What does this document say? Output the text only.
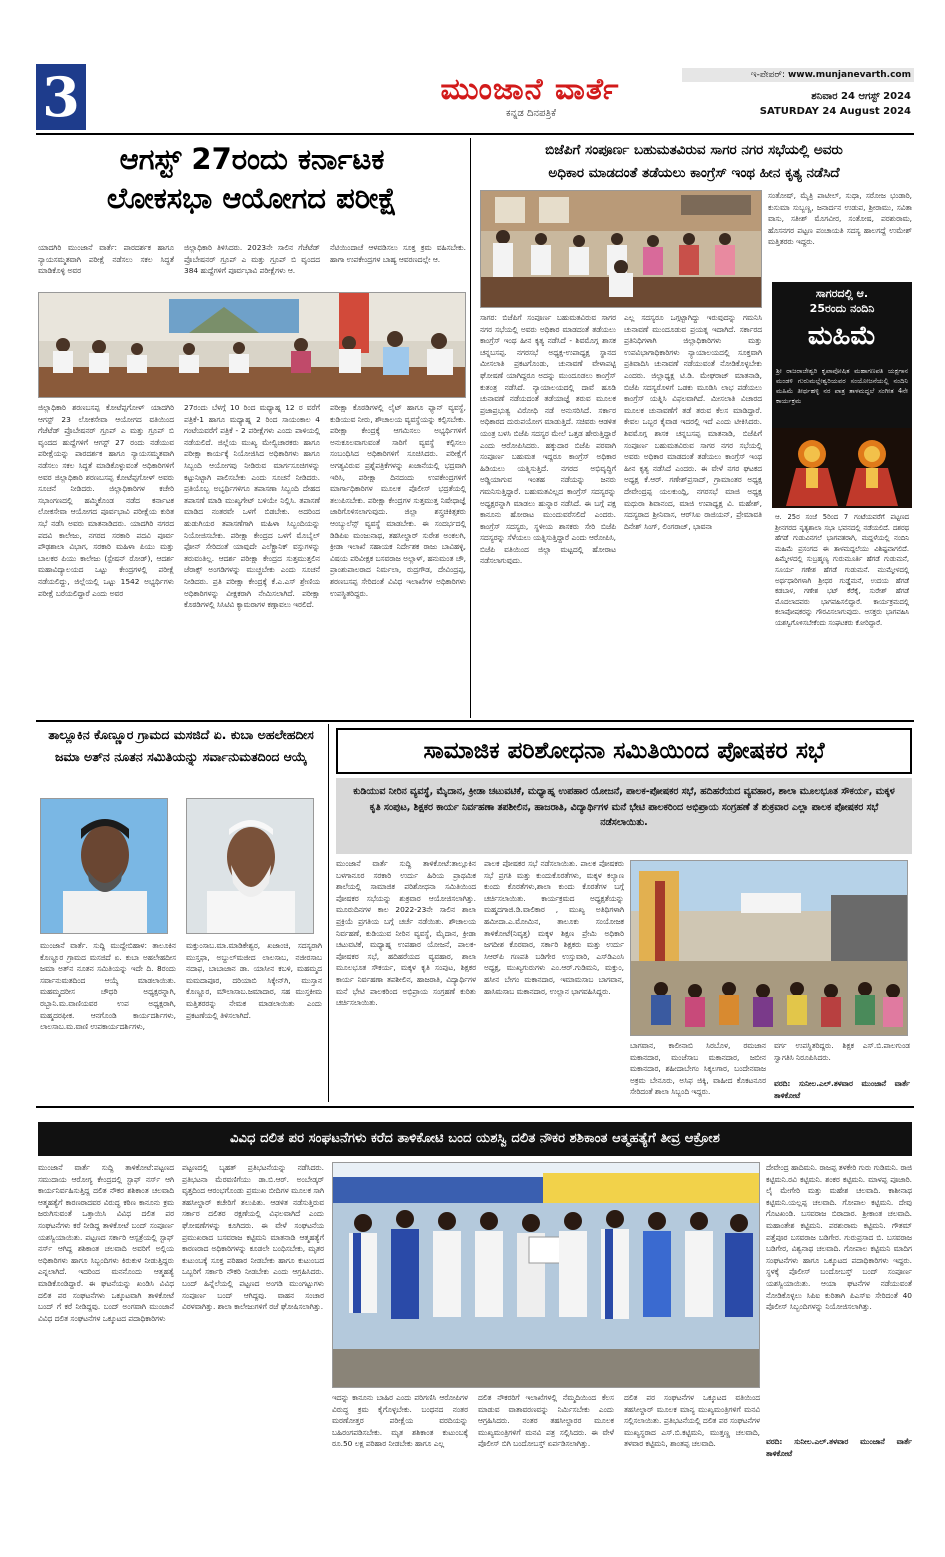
3	ಮುಂಜಾನೆ ವಾರ್ತೆ
ಕನ್ನಡ ದಿನಪತ್ರಿಕೆ
ಇ-ಪೇಪರ್: www.munjanevarth.com
ಶನಿವಾರ 24 ಆಗಸ್ಟ್ 2024
SATURDAY 24 August 2024
ಆಗಸ್ಟ್ 27ರಂದು ಕರ್ನಾಟಕ
ಲೋಕಸಭಾ ಆಯೋಗದ ಪರೀಕ್ಷೆ
ಯಾದಗಿರಿ ಮುಂಜಾನೆ ವಾರ್ತೆ: ಪಾರದರ್ಶಕ ಹಾಗೂ ನ್ಯಾಯಸಮ್ಮತವಾಗಿ ಪರೀಕ್ಷೆ ನಡೆಸಲು ಸಕಲ ಸಿದ್ಧತೆ ಮಾಡಿಕೊಳ್ಳಿ ಅವರ
ಜಿಲ್ಲಾಧಿಕಾರಿ ತಿಳಿಸಿದರು. 2023ನೇ ಸಾಲಿನ ಗೆಜೆಟೆಡ್ ಪ್ರೊಬೇಷನರ್ ಗ್ರೂಪ್ ಎ ಮತ್ತು ಗ್ರೂಪ್ ಬಿ ವೃಂದದ 384 ಹುದ್ದೆಗಳಿಗೆ ಪೂರ್ವಭಾವಿ ಪರೀಕ್ಷೆಗಳು ಆ.
ನೆಟಿಯಿಂದಾಚೆ ಆಳವಡಿಸಲು ಸೂಕ್ತ ಕ್ರಮ ವಹಿಸಬೇಕು. ಹಾಗಾ ಉಪಕೇಂದ್ರಗಳ ಬಾಹ್ಯ ಆವರಣದಲ್ಲೇ ಆ.
ಜಿಲ್ಲಾಧಿಕಾರಿ ಶರಣಬಸಪ್ಪ ಕೋಟೆಪ್ಪಗೋಳ್ ಯಾದಗಿರಿ ಆಗಸ್ಟ್ 23 ಲೋಕಸೇವಾ ಆಯೋಗದ ವತಿಯಿಂದ ಗೆಜೆಟೆಡ್ ಪ್ರೊಬೇಷನರ್ ಗ್ರೂಪ್ ಎ ಮತ್ತು ಗ್ರೂಪ್ ಬಿ ವೃಂದದ ಹುದ್ದೆಗಳಿಗೆ ಆಗಸ್ಟ್ 27 ರಂದು ನಡೆಯುವ ಪರೀಕ್ಷೆಯನ್ನು ಪಾರದರ್ಶಕ ಹಾಗೂ ನ್ಯಾಯಸಮ್ಮತವಾಗಿ ನಡೆಸಲು ಸಕಲ ಸಿದ್ಧತೆ ಮಾಡಿಕೊಳ್ಳುವಂತೆ ಅಧಿಕಾರಿಗಳಿಗೆ ಅವರ ಜಿಲ್ಲಾಧಿಕಾರಿ ಶರಣಬಸಪ್ಪ ಕೋಟೆಪ್ಪಗೋಳ್ ಅವರು ಸೂಚನೆ ನೀಡಿದರು. ಜಿಲ್ಲಾಧಿಕಾರಿಗಳ ಕಚೇರಿ ಸಭಾಂಗಣದಲ್ಲಿ ಹಮ್ಮಿಕೊಂಡ ನಡೆದ ಕರ್ನಾಟಕ ಲೋಕಸೇವಾ ಆಯೋಗದ ಪೂರ್ವಭಾವಿ ಪರೀಕ್ಷೆಯ ಕುರಿತ ಸಭೆ ನಡೆಸಿ ಅವರು ಮಾತನಾಡಿದರು. ಯಾದಗಿರಿ ನಗರದ ಪದವಿ ಕಾಲೇಜು, ನಗರದ ಸರಕಾರಿ ಪದವಿ ಪೂರ್ವ ಪೌಢಶಾಲಾ ವಿಭಾಗ, ಸರಕಾರಿ ಮಹಿಳಾ ಪಿಯು ಮತ್ತು ಬಾಲಕರ ಪಿಯು ಕಾಲೇಜು (ಸ್ಟೇಷನ್ ರೋಡ್), ಆದರ್ಶ ಮಹಾವಿದ್ಯಾಲಯದ ಒಟ್ಟು ಕೇಂದ್ರಗಳಲ್ಲಿ ಪರೀಕ್ಷೆ ನಡೆಯಲಿದ್ದು, ಜಿಲ್ಲೆಯಲ್ಲಿ ಒಟ್ಟು 1542 ಅಭ್ಯರ್ಥಿಗಳು ಪರೀಕ್ಷೆ ಬರೆಯಲಿದ್ದಾರೆ ಎಂದು ಅವರ
27ರಂದು ಬೆಳಗ್ಗೆ 10 ರಿಂದ ಮಧ್ಯಾಹ್ನ 12 ರ ವರೆಗೆ ಪತ್ರಿಕೆ-1 ಹಾಗೂ ಮಧ್ಯಾಹ್ನ 2 ರಿಂದ ಸಾಯಂಕಾಲ 4 ಗಂಟೆಯವರೆಗೆ ಪತ್ರಿಕೆ - 2 ಪರೀಕ್ಷೆಗಳು ಎಂದು ಪಾಳಿಯಲ್ಲಿ ನಡೆಯಲಿದೆ. ಜಿಲ್ಲೆಯ ಮುಖ್ಯ ಮೇಲ್ವಿಚಾರಕರು ಹಾಗೂ ಪರೀಕ್ಷಾ ಕಾರ್ಯಕ್ಕೆ ನಿಯೋಜಿಸಿದ ಅಧಿಕಾರಿಗಳು ಹಾಗೂ ಸಿಬ್ಬಂದಿ ಆಯೋಗವು ನೀಡಿರುವ ಮಾರ್ಗಸೂಚಿಗಳನ್ನು ಕಟ್ಟುನಿಟ್ಟಾಗಿ ಪಾಲಿಸಬೇಕು ಎಂದು ಸೂಚನೆ ನೀಡಿದರು. ಪ್ರತಿಯೊಬ್ಬ ಅಭ್ಯರ್ಥಿಗಳಿಗೂ ತಪಾಸಣಾ ಸಿಬ್ಬಂದಿ ದೇಹದ ತಪಾಸಣೆ ಮಾಡಿ ಮುಖ್ಯಗೇಟ್ ಬಳಿಯೇ ನಿಲ್ಲಿಸಿ. ತಪಾಸಣೆ ಮಾಡಿದ ನಂತರವೇ ಒಳಗೆ ಬಿಡಬೇಕು. ಅದರಿಂದ ಹುಡುಗಿಯರ ತಪಾಸಣೆಗಾಗಿ ಮಹಿಳಾ ಸಿಬ್ಬಂದಿಯನ್ನು ನಿಯೋಜಿಸಬೇಕು. ಪರೀಕ್ಷಾ ಕೇಂದ್ರದ ಒಳಗೆ ಮೊಬೈಲ್ ಫೋನ್ ಸೇರಿದಂತೆ ಯಾವುದೇ ಎಲೆಕ್ಟ್ರಾನಿಕ್ ವಸ್ತುಗಳನ್ನು ತರುವಂತಿಲ್ಲ. ಆದರ್ಶ ಪರೀಕ್ಷಾ ಕೇಂದ್ರದ ಸುತ್ತಮುತ್ತಲಿನ ಜೆರಾಕ್ಸ್ ಅಂಗಡಿಗಳನ್ನು ಮುಚ್ಚಬೇಕು ಎಂದು ಸೂಚನೆ ನೀಡಿದರು. ಪ್ರತಿ ಪರೀಕ್ಷಾ ಕೇಂದ್ರಕ್ಕೆ ಕೆ.ಎ.ಎಸ್ ಶ್ರೇಣಿಯ ಅಧಿಕಾರಿಗಳನ್ನು ವೀಕ್ಷಕರಾಗಿ ನೇಮಿಸಲಾಗಿದೆ. ಪರೀಕ್ಷಾ ಕೊಠಡಿಗಳಲ್ಲಿ ಸಿಸಿಟಿವಿ ಕ್ಯಾಮರಾಗಳ ಕಣ್ಗಾವಲು ಇರಲಿದೆ.
ಪರೀಕ್ಷಾ ಕೊಠಡಿಗಳಲ್ಲಿ ಲೈಟ್ ಹಾಗೂ ಫ್ಯಾನ್ ವ್ಯವಸ್ಥೆ, ಕುಡಿಯುವ ನೀರು, ಶೌಚಾಲಯ ವ್ಯವಸ್ಥೆಯನ್ನು ಕಲ್ಪಿಸಬೇಕು. ಪರೀಕ್ಷಾ ಕೇಂದ್ರಕ್ಕೆ ಆಗಮಿಸಲು ಅಭ್ಯರ್ಥಿಗಳಿಗೆ ಅನುಕೂಲವಾಗುವಂತೆ ಸಾರಿಗೆ ವ್ಯವಸ್ಥೆ ಕಲ್ಪಿಸಲು ಸಂಬಂಧಿಸಿದ ಅಧಿಕಾರಿಗಳಿಗೆ ಸೂಚಿಸಿದರು. ಪರೀಕ್ಷೆಗೆ ಅಗತ್ಯವಿರುವ ಪ್ರಶ್ನೆಪತ್ರಿಕೆಗಳನ್ನು ಖಜಾನೆಯಲ್ಲಿ ಭದ್ರವಾಗಿ ಇರಿಸಿ, ಪರೀಕ್ಷಾ ದಿನದಂದು ಉಪಕೇಂದ್ರಗಳಿಗೆ ಮಾರ್ಗಾಧಿಕಾರಿಗಳ ಮೂಲಕ ಪೊಲೀಸ್ ಭದ್ರತೆಯಲ್ಲಿ ತಲುಪಿಸಬೇಕು. ಪರೀಕ್ಷಾ ಕೇಂದ್ರಗಳ ಸುತ್ತಮುತ್ತ ನಿಷೇಧಾಜ್ಞೆ ಜಾರಿಗೊಳಿಸಲಾಗುವುದು. ಜಿಲ್ಲಾ ಶಸ್ತ್ರಚಿಕಿತ್ಸಕರು ಆಂಬ್ಯುಲೆನ್ಸ್ ವ್ಯವಸ್ಥೆ ಮಾಡಬೇಕು. ಈ ಸಂದರ್ಭದಲ್ಲಿ ಡಿಡಿಪಿಐ ಮಂಜುನಾಥ, ತಹಸೀಲ್ದಾರ್ ಸುರೇಶ ಅಂಕಲಗಿ, ಕ್ರೀಡಾ ಇಲಾಖೆ ಸಹಾಯಕ ನಿರ್ದೇಶಕ ರಾಜು ಬಾವಿಹಳ್ಳಿ, ವಿಷಯ ಪರಿವೀಕ್ಷಕ ಬಸವರಾಜ ಅಲ್ಲಾಳ್, ಹನುಮಂತ ಚೌ, ಪ್ರಾಂಶುಪಾಲರಾದ ನಿರ್ಮಲಾ, ರುದ್ರಗೌಡ, ದೇವಿಂದ್ರಪ್ಪ, ಶರಣಬಸಪ್ಪ ಸೇರಿದಂತೆ ವಿವಿಧ ಇಲಾಖೆಗಳ ಅಧಿಕಾರಿಗಳು ಉಪಸ್ಥಿತರಿದ್ದರು.
ಬಿಜೆಪಿಗೆ ಸಂಪೂರ್ಣ ಬಹುಮತವಿರುವ ಸಾಗರ ನಗರ ಸಭೆಯಲ್ಲಿ ಅವರು
ಅಧಿಕಾರ ಮಾಡದಂತೆ ತಡೆಯಲು ಕಾಂಗ್ರೆಸ್ ಇಂಥ ಹೀನ ಕೃತ್ಯ ನಡೆಸಿದೆ
ಸಂತೋಷ್, ಮೈತ್ರಿ ಪಾಟೀಲ್, ಸುಧಾ, ಸರೋಜ ಭಂಡಾರಿ, ಕುಸುಮಾ ಸುಬ್ಬಣ್ಣ, ಜನಾರ್ದನ ಉಡುಪ, ಶ್ರೀರಾಮು, ಸವಿತಾ ವಾಸು, ಸತೀಶ್ ಮೊಗವೀರ, ಸಂತೋಷ, ಪರಶುರಾಮ, ಹೊಸನಗರ ಪಟ್ಟಣ ಪಂಚಾಯತಿ ಸದಸ್ಯ ಹಾಲಗದ್ದೆ ಉಮೇಶ್ ಮತ್ತಿತರರು ಇದ್ದರು.
ಸಾಗರ: ಬಿಜೆಪಿಗೆ ಸಂಪೂರ್ಣ ಬಹುಮತವಿರುವ ಸಾಗರ ನಗರ ಸಭೆಯಲ್ಲಿ ಅವರು ಅಧಿಕಾರ ಮಾಡದಂತೆ ತಡೆಯಲು ಕಾಂಗ್ರೆಸ್ ಇಂಥ ಹೀನ ಕೃತ್ಯ ನಡೆಸಿದೆ - ಶಿವಮೊಗ್ಗ ಶಾಸಕ ಚನ್ನಬಸಪ್ಪ. ನಗರಸಭೆ ಅಧ್ಯಕ್ಷ-ಉಪಾಧ್ಯಕ್ಷ ಸ್ಥಾನದ ಮೀಸಲಾತಿ ಪ್ರಕಟಗೊಂಡು, ಚುನಾವಣೆ ವೇಳಾಪಟ್ಟಿ ಘೋಷಣೆ ಯಾಗಿದ್ದರೂ ಅದನ್ನು ಮುಂದೂಡಲು ಕಾಂಗ್ರೆಸ್ ಕುತಂತ್ರ ನಡೆಸಿದೆ. ನ್ಯಾಯಾಲಯದಲ್ಲಿ ದಾವೆ ಹೂಡಿ ಚುನಾವಣೆ ನಡೆಯದಂತೆ ತಡೆಯಾಜ್ಞೆ ತರುವ ಮೂಲಕ ಪ್ರಜಾಪ್ರಭುತ್ವ ವಿರೋಧಿ ನಡೆ ಅನುಸರಿಸಿದೆ. ಸರ್ಕಾರ ಅಧಿಕಾರದ ದುರುಪಯೋಗ ಮಾಡುತ್ತಿದೆ. ಸಚಿವರು ಆಡಳಿತ ಯಂತ್ರ ಬಳಸಿ ಬಿಜೆಪಿ ಸದಸ್ಯರ ಮೇಲೆ ಒತ್ತಡ ಹೇರುತ್ತಿದ್ದಾರೆ ಎಂದು ಆರೋಪಿಸಿದರು. ಹಕ್ಕುದಾರ ಬಿಜೆಪಿ ಪರವಾಗಿ ಸಂಪೂರ್ಣ ಬಹುಮತ ಇದ್ದರೂ ಕಾಂಗ್ರೆಸ್ ಅಧಿಕಾರ ಹಿಡಿಯಲು ಯತ್ನಿಸುತ್ತಿದೆ. ನಗರದ ಅಭಿವೃದ್ಧಿಗೆ ಅಡ್ಡಿಯಾಗುವ ಇಂತಹ ನಡೆಯನ್ನು ಜನರು ಗಮನಿಸುತ್ತಿದ್ದಾರೆ. ಬಹುಮತವಿಲ್ಲದ ಕಾಂಗ್ರೆಸ್ ಸದಸ್ಯರನ್ನು ಅಧ್ಯಕ್ಷರನ್ನಾಗಿ ಮಾಡಲು ಹುನ್ನಾರ ನಡೆಸಿದೆ. ಈ ಬಗ್ಗೆ ಪಕ್ಷ ಕಾನೂನು ಹೋರಾಟ ಮುಂದುವರೆಸಲಿದೆ ಎಂದರು. ಕಾಂಗ್ರೆಸ್ ಸದಸ್ಯರು, ಸ್ಥಳೀಯ ಶಾಸಕರು ಸೇರಿ ಬಿಜೆಪಿ ಸದಸ್ಯರನ್ನು ಸೆಳೆಯಲು ಯತ್ನಿಸುತ್ತಿದ್ದಾರೆ ಎಂದು ಆರೋಪಿಸಿ, ಬಿಜೆಪಿ ವತಿಯಿಂದ ಜಿಲ್ಲಾ ಮಟ್ಟದಲ್ಲಿ ಹೋರಾಟ ನಡೆಸಲಾಗುವುದು.
ಎಲ್ಲ ಸದಸ್ಯರೂ ಒಗ್ಗಟ್ಟಾಗಿದ್ದು ಇರುವುದನ್ನು ಗಮನಿಸಿ ಚುನಾವಣೆ ಮುಂದೂಡುವ ಪ್ರಯತ್ನ ಇದಾಗಿದೆ. ಸರ್ಕಾರದ ಪ್ರತಿನಿಧಿಗಳಾಗಿ ಜಿಲ್ಲಾಧಿಕಾರಿಗಳು ಮತ್ತು ಉಪವಿಭಾಗಾಧಿಕಾರಿಗಳು ನ್ಯಾಯಾಲಯದಲ್ಲಿ ಸೂಕ್ತವಾಗಿ ಪ್ರತಿವಾದಿಸಿ ಚುನಾವಣೆ ನಡೆಯುವಂತೆ ನೋಡಿಕೊಳ್ಳಬೇಕು ಎಂದರು. ಜಿಲ್ಲಾಧ್ಯಕ್ಷ ಟಿ.ಡಿ. ಮೇಘರಾಜ್ ಮಾತನಾಡಿ, ಬಿಜೆಪಿ ಸದಸ್ಯರೊಳಗೆ ಒಡಕು ಮೂಡಿಸಿ ಲಾಭ ಪಡೆಯಲು ಕಾಂಗ್ರೆಸ್ ಯತ್ನಿಸಿ ವಿಫಲವಾಗಿದೆ. ಮೀಸಲಾತಿ ವಿಚಾರದ ಮೂಲಕ ಚುನಾವಣೆಗೆ ತಡೆ ತರುವ ಕೆಲಸ ಮಾಡಿದ್ದಾರೆ. ಕೇವಲ ಒಬ್ಬರ ಕೈವಾಡ ಇದರಲ್ಲಿ ಇದೆ ಎಂದು ಟೀಕಿಸಿದರು. ಶಿವಮೊಗ್ಗ ಶಾಸಕ ಚನ್ನಬಸಪ್ಪ ಮಾತನಾಡಿ, ಬಿಜೆಪಿಗೆ ಸಂಪೂರ್ಣ ಬಹುಮತವಿರುವ ಸಾಗರ ನಗರ ಸಭೆಯಲ್ಲಿ ಅವರು ಅಧಿಕಾರ ಮಾಡದಂತೆ ತಡೆಯಲು ಕಾಂಗ್ರೆಸ್ ಇಂಥ ಹೀನ ಕೃತ್ಯ ನಡೆಸಿದೆ ಎಂದರು. ಈ ವೇಳೆ ನಗರ ಘಟಕದ ಅಧ್ಯಕ್ಷ ಕೆ.ಆರ್. ಗಣೇಶ್‌ಪ್ರಸಾದ್, ಗ್ರಾಮಾಂತರ ಅಧ್ಯಕ್ಷ ದೇವೇಂದ್ರಪ್ಪ ಯಲಕುಂದ್ಲಿ, ನಗರಸಭೆ ಮಾಜಿ ಅಧ್ಯಕ್ಷ ಮಧುರಾ ಶಿವಾನಂದ, ಮಾಜಿ ಉಪಾಧ್ಯಕ್ಷ ವಿ. ಮಹೇಶ್, ಸದಸ್ಯರಾದ ಶ್ರೀನಿವಾಸ, ಆರ್‌ಸಿಐ ರಾಜಿಯನ್, ಪ್ರೇಮಾವತಿ ದಿನೇಶ್ ಸಿಂಗ್, ಲಿಂಗರಾಜ್, ಭಾವನಾ
ಸಾಗರದಲ್ಲಿ ಆ.
25ರಂದು ನಂದಿನಿ
ಮಹಿಮೆ
ಶ್ರೀ ರಾಜರಾಜೇಶ್ವರಿ ಕೃಪಾಪೋಷಿತ ಮಹಾಗಣಪತಿ ಯಕ್ಷಗಾನ ಮಂಡಳಿ ಗುರುಮಲ್ಲೇಶ್ವರಿಯವರ ಸಂಯೋಜನೆಯಲ್ಲಿ ನಂದಿನಿ ಮಹಿಮೆ ತೀರ್ಥಹಳ್ಳಿ ನರ ಪಾತ್ರ ತಾಳಮದ್ದಲೆ ಸಂಗೀತ 4ನೇ ಕಾರ್ಯಕ್ರಮ
ಆ. 25ರ ಸಂಜೆ 5ರಿಂದ 7 ಗಂಟೆಯವರೆಗೆ ಪಟ್ಟಣದ ಶ್ರೀನಗರದ ನೃತ್ಯಶಾಲಾ ಸಭಾ ಭವನದಲ್ಲಿ ನಡೆಯಲಿದೆ. ದಶರಥ ಹೆಗಡೆ ಗುಡುವಿನಗಲೆ ಭಾಗವತರಾಗಿ, ಮದ್ದಳೆಯಲ್ಲಿ ನಂದಿನಿ ಮಹಿಮೆ ಪ್ರಸಂಗದ ಈ ತಾಳಮದ್ದಲೆಯು ವಿಶಿಷ್ಟವಾಗಲಿದೆ. ಹಿಮ್ಮೇಳದಲ್ಲಿ ಸುಬ್ರಹ್ಮಣ್ಯ ಗುರುಮೂರ್ತಿ ಹೆಗಡೆ ಗುಡುಮನೆ, ಸೂರ್ಯ ಗಣೇಶ ಹೆಗಡೆ ಗುಡುಮನೆ. ಮುಮ್ಮೇಳದಲ್ಲಿ ಅರ್ಥಧಾರಿಗಳಾಗಿ ಶ್ರೀಧರ ಗುಡ್ಡೆಮನೆ, ಉದಯ ಹೆಗಡೆ ಕಡಬಾಳ, ಗಣೇಶ ಭಟ್ ಕೆರೆಕೈ, ಸುರೇಶ್ ಹೆಗಡೆ ಮೊದಲಾದವರು ಭಾಗವಹಿಸಲಿದ್ದಾರೆ. ಕಾರ್ಯಕ್ರಮದಲ್ಲಿ ಕಲಾಪೋಷಕರನ್ನು ಗೌರವಿಸಲಾಗುವುದು. ಆಸಕ್ತರು ಭಾಗವಹಿಸಿ ಯಶಸ್ವಿಗೊಳಿಸಬೇಕೆಂದು ಸಂಘಟಕರು ಕೋರಿದ್ದಾರೆ.
ತಾಲ್ಲೂಕಿನ ಕೊಣ್ಣೂರ ಗ್ರಾಮದ ಮಸಜಿದೆ ಏ. ಕುಬಾ ಅಹಲೇಹದೀಸ ಜಮಾ ಅತ್‌ನ ನೂತನ ಸಮಿತಿಯನ್ನು ಸರ್ವಾನುಮತದಿಂದ ಆಯ್ಕೆ
ಮುಂಜಾನೆ ವಾರ್ತೆ. ಸುದ್ದಿ ಮುದ್ದೇಬಿಹಾಳ: ತಾಲೂಕಿನ ಕೊಣ್ಣೂರ ಗ್ರಾಮದ ಮಸಜಿದೆ ಏ. ಕುಬಾ ಅಹಲೇಹದೀಸ ಜಮಾ ಅತ್‌ನ ನೂತನ ಸಮಿತಿಯನ್ನು ಇದೇ ದಿ. 8ರಂದು ಸರ್ವಾನುಮತದಿಂದ ಆಯ್ಕೆ ಮಾಡಲಾಯಿತು. ಮಹಮ್ಮದರೀಸ ಚೌಧರಿ ಅಧ್ಯಕ್ಷರನ್ನಾಗಿ, ರಬ್ಬಾನಿ.ಮ.ವಾಣಿಯವರ ಉಪ ಅಧ್ಯಕ್ಷರಾಗಿ, ಮಹ್ಮದರಫೀಕ. ಆನಗೊಂಡಿ ಕಾರ್ಯದರ್ಶಿಗಳು, ಲಾಲಸಾಬ.ಮ.ವಾಣಿ ಉಪಕಾರ್ಯದರ್ಶಿಗಳು,
ಮಕ್ತುಂಸಾಬ.ಮಾ.ಮಾಡಿಕೇಶ್ವರ, ಖಜಾಂಚಿ, ಸದಸ್ಯರಾಗಿ ಮುಸ್ತಫಾ, ಅಬ್ದುಲ್‌ಮಜೀದ ಲಾಲಸಾಬ, ನಜೀರಸಾಬ ನದಾಫ, ಬಾಬಾಜಾನ ಡಾ. ಯಾಸೀನ ಕಬಳಿ, ಮಹಮ್ಮದ ಮಮದಾಪೂರ, ದರಿಯಾಬಿ ಸಿಕ್ಕೇನ್‌ಗಿ, ಮುಸ್ತಾನ ಕೊಣ್ಣೂರ, ಮೌಲಾಸಾಬ.ಜಮಾದಾರ, ಸಹ ಮುಸ್ತಕೀಮ ಮತ್ತಿತರರನ್ನು ನೇಮಕ ಮಾಡಲಾಯಿತು ಎಂದು ಪ್ರಕಟಣೆಯಲ್ಲಿ ತಿಳಿಸಲಾಗಿದೆ.
ಸಾಮಾಜಿಕ ಪರಿಶೋಧನಾ ಸಮಿತಿಯಿಂದ ಪೋಷಕರ ಸಭೆ
ಕುಡಿಯುವ ನೀರಿನ ವ್ಯವಸ್ಥೆ, ಮೈದಾನ, ಕ್ರೀಡಾ ಚಟುವಟಿಕೆ, ಮಧ್ಯಾಹ್ನ ಉಪಹಾರ ಯೋಜನೆ, ಪಾಲಕ-ಪೋಷಕರ ಸಭೆ, ಹದಿಹರೆಯದ ವ್ಯವಹಾರ, ಶಾಲಾ ಮೂಲಭೂತ ಸೌಕರ್ಯ, ಮಕ್ಕಳ ಕೃತಿ ಸಂಪುಟ, ಶಿಕ್ಷಕರ ಕಾರ್ಯ ನಿರ್ವಹಣಾ ತಪಶೀಲಿನ, ಹಾಜರಾತಿ, ವಿದ್ಯಾರ್ಥಿಗಳ ಮನೆ ಭೇಟಿ ಪಾಲಕರಿಂದ ಅಭಿಪ್ರಾಯ ಸಂಗ್ರಹಣೆ ತೆ ಶುಕ್ರವಾರ ಎಲ್ಲಾ ಪಾಲಕ ಪೋಷಕರ ಸಭೆ ನಡೆಸಲಾಯಿತು.
ಮುಂಜಾನೆ ವಾರ್ತೆ ಸುದ್ದಿ ತಾಳಿಕೋಟೆ:ತಾಲ್ಲೂಕಿನ ಬಳಗಾನೂರ ಸರಕಾರಿ ಉರ್ದು ಹಿರಿಯ ಪ್ರಾಥಮಿಕ ಶಾಲೆಯಲ್ಲಿ ಸಾಮಾಜಿಕ ಪರಿಶೋಧನಾ ಸಮಿತಿಯಿಂದ ಪೋಷಕರ ಸಭೆಯನ್ನು ಶುಕ್ರವಾರ ಆಯೋಜಿಸಲಾಗಿತ್ತು. ಮೂರುದಿನಗಳ ಕಾಲ 2022-23ನೇ ಸಾಲಿನ ಶಾಲಾ ಪ್ರಕ್ರಿಯೆ ಪ್ರಗತಿಯ ಬಗ್ಗೆ ಚರ್ಚೆ ನಡೆಯಿತು. ಶೌಚಾಲಯ ನಿರ್ವಹಣೆ, ಕುಡಿಯುವ ನೀರಿನ ವ್ಯವಸ್ಥೆ, ಮೈದಾನ, ಕ್ರೀಡಾ ಚಟುವಟಿಕೆ, ಮಧ್ಯಾಹ್ನ ಉಪಹಾರ ಯೋಜನೆ, ಪಾಲಕ-ಪೋಷಕರ ಸಭೆ, ಹದಿಹರೆಯದ ವ್ಯವಹಾರ, ಶಾಲಾ ಮೂಲಭೂತ ಸೌಕರ್ಯ, ಮಕ್ಕಳ ಕೃತಿ ಸಂಪುಟ, ಶಿಕ್ಷಕರ ಕಾರ್ಯ ನಿರ್ವಹಣಾ ತಪಶೀಲಿನ, ಹಾಜರಾತಿ, ವಿದ್ಯಾರ್ಥಿಗಳ ಮನೆ ಭೇಟಿ ಪಾಲಕರಿಂದ ಅಭಿಪ್ರಾಯ ಸಂಗ್ರಹಣೆ ಕುರಿತು ಚರ್ಚಿಸಲಾಯಿತು.
ಪಾಲಕ ಪೋಷಕರ ಸಭೆ ನಡೆಸಲಾಯಿತು. ಪಾಲಕ ಪೋಷಕರು ಸಭೆ ಪ್ರಗತಿ ಮತ್ತು ಕುಂದುಕೊರತೆಗಳು, ಮಕ್ಕಳ ಕಲ್ಯಾಣ ಕುಂದು ಕೊರತೆಗಳು,ಶಾಲಾ ಕುಂದು ಕೊರತೆಗಳ ಬಗ್ಗೆ ಚರ್ಚಿಸಲಾಯಿತು. ಕಾರ್ಯಕ್ರಮದ ಅಧ್ಯಕ್ಷತೆಯನ್ನು ಮಹ್ಮದಗಾಜಿ.ಡಿ.ವಾಲಿಕಾರ , ಮುಖ್ಯ ಅತಿಥಿಗಳಾಗಿ ಹಮೀದಾ.ಎ.ಮೋಮಿನ, ತಾಲೂಕು ಸಂಯೋಜಕ ತಾಳಿಕೋಟೆ(ನಿವೃತ್ತ) ಮಕ್ಕಳ ಶಿಕ್ಷಣ ಪ್ರೇಮಿ ಅಧಿಕಾರಿ ಜಗದೀಶ ಕೊರವಾರ, ಸರ್ಕಾರಿ ಶಿಕ್ಷಕರು ಮತ್ತು ಉರ್ದು ಸಿಆರ್‌ಪಿ ಗಣಪತಿ ಬಡಿಗೇರ ಉಸ್ತುವಾರಿ, ಎಸ್‌ಡಿಎಂಸಿ ಅಧ್ಯಕ್ಷ, ಮುಖ್ಯಗುರುಗಳು ಎಂ.ಆರ್.ಗುಡಿಮನಿ, ಮಕ್ತುಂ, ಹಸೀನ ಬೇಗಂ ಮಕಾನದಾರ, ಇಮಾಮಸಾಬ ಬಾಗವಾನ, ಹಾಸಿಮಸಾಬ ಮಕಾನದಾರ, ಉಲ್ಲಾನ ಭಾಗವಹಿಸಿದ್ದರು.
ಬಾಗವಾನ, ಕಾಲೀನಾಬಿ ಸಿರಬೊಳ, ರಮಜಾನ ಮಕಾನದಾರ, ಮಂಜೆಸಾಬ ಮಕಾನದಾರ, ಜಬೀನ ಮಕಾನದಾರ, ಶಹೀದಾಬೇಗಂ ಸಿಕ್ಕಲಗಾರ, ಬಂದೇನವಾಜ ಅಕ್ರಮ ಬೇನೂರು, ಅಸಿಫ ಜಿಕ್ಕಿ, ವಾಹೀದ ಕೊಕಟನೂರ ಸೇರಿದಂತೆ ಶಾಲಾ ಸಿಬ್ಬಂದಿ ಇದ್ದರು.
ವರ್ಗ ಉಪಸ್ಥಿತರಿದ್ದರು. ಶಿಕ್ಷಕ ಎಸ್.ಬಿ.ಪಾಲಗುಂಡ ಸ್ವಾಗತಿಸಿ ನಿರೂಪಿಸಿದರು.
ವರದಿ: ಸುನೀಲ.ಎಲ್.ತಳವಾರ ಮುಂಜಾನೆ ವಾರ್ತೆ ತಾಳಿಕೋಟೆ
ವಿವಿಧ ದಲಿತ ಪರ ಸಂಘಟನೆಗಳು ಕರೆದ ತಾಳಿಕೋಟಿ ಬಂದ ಯಶಸ್ವಿ ದಲಿತ ನೌಕರ ಶಶಿಕಾಂತ ಆತ್ಮಹತ್ಯೆಗೆ ತೀವ್ರ ಆಕ್ರೋಶ
ಮುಂಜಾನೆ ವಾರ್ತೆ ಸುದ್ದಿ ತಾಳಿಕೋಟೆ:ಪಟ್ಟಣದ ಸಮುದಾಯ ಆರೋಗ್ಯ ಕೇಂದ್ರದಲ್ಲಿ ಸ್ಟಾಫ್ ನರ್ಸ್ ಆಗಿ ಕಾರ್ಯನಿರ್ವಹಿಸುತ್ತಿದ್ದ ದಲಿತ ನೌಕರ ಶಶಿಕಾಂತ ಚಲವಾದಿ ಆತ್ಮಹತ್ಯೆಗೆ ಕಾರಣರಾದವರ ವಿರುದ್ಧ ಕಠಿಣ ಕಾನೂನು ಕ್ರಮ ಜರುಗಿಸುವಂತೆ ಒತ್ತಾಯಿಸಿ ವಿವಿಧ ದಲಿತ ಪರ ಸಂಘಟನೆಗಳು ಕರೆ ನೀಡಿದ್ದ ತಾಳಿಕೋಟೆ ಬಂದ್ ಸಂಪೂರ್ಣ ಯಶಸ್ವಿಯಾಯಿತು. ಪಟ್ಟಣದ ಸರ್ಕಾರಿ ಆಸ್ಪತ್ರೆಯಲ್ಲಿ ಸ್ಟಾಫ್ ನರ್ಸ್ ಆಗಿದ್ದ ಶಶಿಕಾಂತ ಚಲವಾದಿ ಅವರಿಗೆ ಅಲ್ಲಿಯ ಅಧಿಕಾರಿಗಳು ಹಾಗೂ ಸಿಬ್ಬಂದಿಗಳು ಕಿರುಕುಳ ನೀಡುತ್ತಿದ್ದರು ಎನ್ನಲಾಗಿದೆ. ಇದರಿಂದ ಮನನೊಂದು ಆತ್ಮಹತ್ಯೆ ಮಾಡಿಕೊಂಡಿದ್ದಾರೆ. ಈ ಘಟನೆಯನ್ನು ಖಂಡಿಸಿ ವಿವಿಧ ದಲಿತ ಪರ ಸಂಘಟನೆಗಳು ಒಕ್ಕೂಟವಾಗಿ ತಾಳಿಕೋಟೆ ಬಂದ್ ಗೆ ಕರೆ ನೀಡಿದ್ದವು. ಬಂದ್ ಅಂಗವಾಗಿ ಮುಂಜಾನೆ ವಿವಿಧ ದಲಿತ ಸಂಘಟನೆಗಳ ಒಕ್ಕೂಟದ ಪದಾಧಿಕಾರಿಗಳು
ಪಟ್ಟಣದಲ್ಲಿ ಬೃಹತ್ ಪ್ರತಿಭಟನೆಯನ್ನು ನಡೆಸಿದರು. ಪ್ರತಿಭಟನಾ ಮೆರವಣಿಗೆಯು ಡಾ.ಬಿ.ಆರ್. ಅಂಬೇಡ್ಕರ್ ವೃತ್ತದಿಂದ ಆರಂಭಗೊಂಡು ಪ್ರಮುಖ ಬೀದಿಗಳ ಮೂಲಕ ಸಾಗಿ ತಹಸೀಲ್ದಾರ್ ಕಚೇರಿಗೆ ತಲುಪಿತು. ಆಡಳಿತ ನಡೆಸುತ್ತಿರುವ ಸರ್ಕಾರ ದಲಿತರ ರಕ್ಷಣೆಯಲ್ಲಿ ವಿಫಲವಾಗಿದೆ ಎಂದು ಘೋಷಣೆಗಳನ್ನು ಕೂಗಿದರು. ಈ ವೇಳೆ ಸಂಘಟನೆಯ ಪ್ರಮುಖರಾದ ಬಸವರಾಜ ಕಟ್ಟಿಮನಿ ಮಾತನಾಡಿ ಆತ್ಮಹತ್ಯೆಗೆ ಕಾರಣರಾದ ಅಧಿಕಾರಿಗಳನ್ನು ಕೂಡಲೇ ಬಂಧಿಸಬೇಕು, ಮೃತರ ಕುಟುಂಬಕ್ಕೆ ಸೂಕ್ತ ಪರಿಹಾರ ನೀಡಬೇಕು ಹಾಗೂ ಕುಟುಂಬದ ಒಬ್ಬರಿಗೆ ಸರ್ಕಾರಿ ನೌಕರಿ ನೀಡಬೇಕು ಎಂದು ಆಗ್ರಹಿಸಿದರು. ಬಂದ್ ಹಿನ್ನೆಲೆಯಲ್ಲಿ ಪಟ್ಟಣದ ಅಂಗಡಿ ಮುಂಗಟ್ಟುಗಳು ಸಂಪೂರ್ಣ ಬಂದ್ ಆಗಿದ್ದವು. ವಾಹನ ಸಂಚಾರ ವಿರಳವಾಗಿತ್ತು. ಶಾಲಾ ಕಾಲೇಜುಗಳಿಗೆ ರಜೆ ಘೋಷಿಸಲಾಗಿತ್ತು.
ಇದನ್ನು ಕಾನೂನು ಬಾಹಿರ ಎಂದು ಪರಿಗಣಿಸಿ ಆರೋಪಿಗಳ ವಿರುದ್ಧ ಕ್ರಮ ಕೈಗೊಳ್ಳಬೇಕು. ಬಂಧನದ ನಂತರ ಮರಣೋತ್ತರ ಪರೀಕ್ಷೆಯ ವರದಿಯನ್ನು ಬಹಿರಂಗಪಡಿಸಬೇಕು. ಮೃತ ಶಶಿಕಾಂತ ಕುಟುಂಬಕ್ಕೆ ರೂ.50 ಲಕ್ಷ ಪರಿಹಾರ ನೀಡಬೇಕು ಹಾಗೂ ಎಲ್ಲ
ದಲಿತ ನೌಕರರಿಗೆ ಇಲಾಖೆಗಳಲ್ಲಿ ನೆಮ್ಮದಿಯಿಂದ ಕೆಲಸ ಮಾಡುವ ವಾತಾವರಣವನ್ನು ನಿರ್ಮಿಸಬೇಕು ಎಂದು ಆಗ್ರಹಿಸಿದರು. ನಂತರ ತಹಸೀಲ್ದಾರರ ಮೂಲಕ ಮುಖ್ಯಮಂತ್ರಿಗಳಿಗೆ ಮನವಿ ಪತ್ರ ಸಲ್ಲಿಸಿದರು. ಈ ವೇಳೆ ಪೊಲೀಸ್ ಬಿಗಿ ಬಂದೋಬಸ್ತ್ ಏರ್ಪಡಿಸಲಾಗಿತ್ತು.
ದಲಿತ ಪರ ಸಂಘಟನೆಗಳ ಒಕ್ಕೂಟದ ವತಿಯಿಂದ ತಹಸೀಲ್ದಾರ್ ಮೂಲಕ ಮಾನ್ಯ ಮುಖ್ಯಮಂತ್ರಿಗಳಿಗೆ ಮನವಿ ಸಲ್ಲಿಸಲಾಯಿತು. ಪ್ರತಿಭಟನೆಯಲ್ಲಿ ದಲಿತ ಪರ ಸಂಘಟನೆಗಳ ಮುಖ್ಯಸ್ಥರಾದ ಎಸ್.ಬಿ.ಕಟ್ಟಿಮನಿ, ಮುತ್ತಣ್ಣ ಚಲವಾದಿ, ತಳವಾರ ಕಟ್ಟಿಮನಿ, ಶಾಂತಪ್ಪ ಚಲವಾದಿ.
ದೇವೇಂದ್ರ ಹಾದಿಮನಿ. ರಾಜಪ್ಪ ತಳಕೇರಿ ಗುರು ಗುಡಿಮನಿ. ರಾಜಿ ಕಟ್ಟಿಮನಿ.ರವಿ ಕಟ್ಟಿಮನಿ. ಶಂಕರ ಕಟ್ಟಿಮನಿ. ಮಾಳಪ್ಪ ಪೂಜಾರಿ. ಲೈ ಮೇಗೇರಿ ಮತ್ತು ಮಹೇಶ ಚಲವಾದಿ. ಕಾಶೀನಾಥ ಕಟ್ಟಿಮನಿ.ಯಲ್ಲಪ್ಪ ಚಲವಾದಿ. ಗೋಪಾಲ ಕಟ್ಟಿಮನಿ. ದೇವು ಗೊಟಖಂಡಿ. ಬಸವರಾಜ ಬಿರಾದಾರ. ಶ್ರೀಕಾಂತ ಚಲವಾದಿ. ಮಹಾಂತೇಶ ಕಟ್ಟಿಮನಿ. ಪರಶುರಾಮ ಕಟ್ಟಿಮನಿ. ಗೌತಮ್ ಪತ್ತೆಪೂರ ಬಸವರಾಜ ಬಡಿಗೇರ. ಗುರುಪ್ರಸಾದ ಬಿ. ಬಸವರಾಜ ಬಡಿಗೇರ, ವಿಶ್ವನಾಥ ಚಲವಾದಿ. ಗೋಪಾಲ ಕಟ್ಟಿಮನಿ ಮಾದಿಗ ಸಂಘಟನೆಗಳು ಹಾಗೂ ಒಕ್ಕೂಟದ ಪದಾಧಿಕಾರಿಗಳು ಇದ್ದರು. ಸ್ಥಳಕ್ಕೆ ಪೊಲೀಸ್ ಬಂದೋಬಸ್ತ್ ಬಂದ್ ಸಂಪೂರ್ಣ ಯಶಸ್ವಿಯಾಯಿತು. ಆಯಾ ಘಟನೆಗಳ ನಡೆಯುವಂತೆ ನೋಡಿಕೊಳ್ಳಲು ಸಿಪಿಐ ಕುರಿತಾಗಿ ಪಿಎಸ್‌ಐ ಸೇರಿದಂತೆ 40 ಪೊಲೀಸ್ ಸಿಬ್ಬಂದಿಗಳನ್ನು ನಿಯೋಜಿಸಲಾಗಿತ್ತು.
ವರದಿ: ಸುನೀಲ.ಎಲ್.ತಳವಾರ ಮುಂಜಾನೆ ವಾರ್ತೆ ತಾಳಿಕೋಟೆ
